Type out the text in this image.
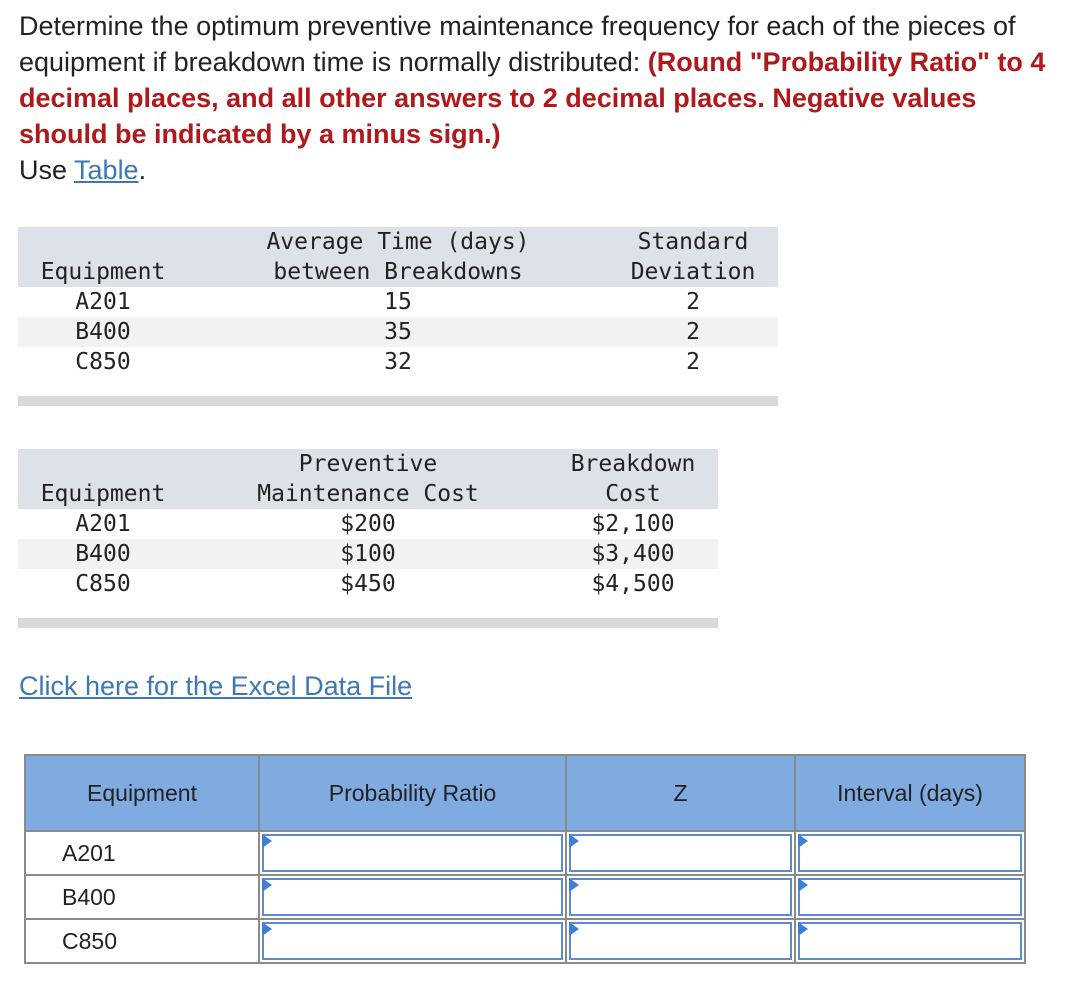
Determine the optimum preventive maintenance frequency for each of the pieces of equipment if breakdown time is normally distributed: (Round "Probability Ratio" to 4 decimal places, and all other answers to 2 decimal places. Negative values should be indicated by a minus sign.)
Use Table.
	Average Time (days)	Standard
Equipment	between Breakdowns	Deviation
A201	15	2
B400	35	2
C850	32	2

	Preventive	Breakdown
Equipment	Maintenance Cost	Cost
A201	$200	$2,100
B400	$100	$3,400
C850	$450	$4,500

Click here for the Excel Data File
Equipment	Probability Ratio	Z	Interval (days)
A201	

B400	

C850	
